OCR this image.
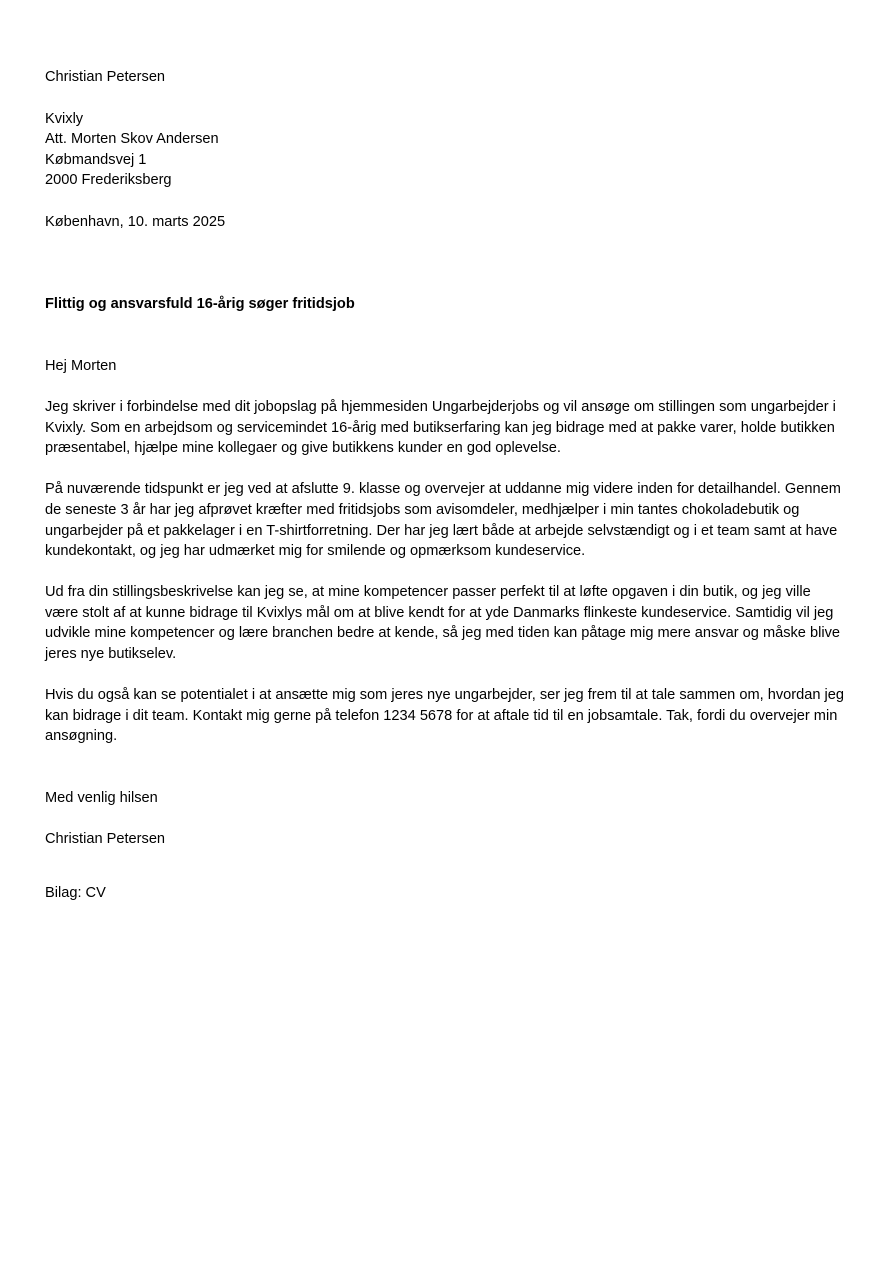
Christian Petersen
Kvixly
Att. Morten Skov Andersen
Købmandsvej 1
2000 Frederiksberg
København, 10. marts 2025
Flittig og ansvarsfuld 16-årig søger fritidsjob
Hej Morten

Jeg skriver i forbindelse med dit jobopslag på hjemmesiden Ungarbejderjobs og vil ansøge om stillingen som ungarbejder i Kvixly. Som en arbejdsom og servicemindet 16-årig med butikserfaring kan jeg bidrage med at pakke varer, holde butikken præsentabel, hjælpe mine kollegaer og give butikkens kunder en god oplevelse.

På nuværende tidspunkt er jeg ved at afslutte 9. klasse og overvejer at uddanne mig videre inden for detailhandel. Gennem de seneste 3 år har jeg afprøvet kræfter med fritidsjobs som avisomdeler, medhjælper i min tantes chokoladebutik og ungarbejder på et pakkelager i en T-shirtforretning. Der har jeg lært både at arbejde selvstændigt og i et team samt at have kundekontakt, og jeg har udmærket mig for smilende og opmærksom kundeservice.

Ud fra din stillingsbeskrivelse kan jeg se, at mine kompetencer passer perfekt til at løfte opgaven i din butik, og jeg ville være stolt af at kunne bidrage til Kvixlys mål om at blive kendt for at yde Danmarks flinkeste kundeservice. Samtidig vil jeg udvikle mine kompetencer og lære branchen bedre at kende, så jeg med tiden kan påtage mig mere ansvar og måske blive jeres nye butikselev.

Hvis du også kan se potentialet i at ansætte mig som jeres nye ungarbejder, ser jeg frem til at tale sammen om, hvordan jeg kan bidrage i dit team. Kontakt mig gerne på telefon 1234 5678 for at aftale tid til en jobsamtale. Tak, fordi du overvejer min ansøgning.

Med venlig hilsen
Christian Petersen
Bilag: CV
